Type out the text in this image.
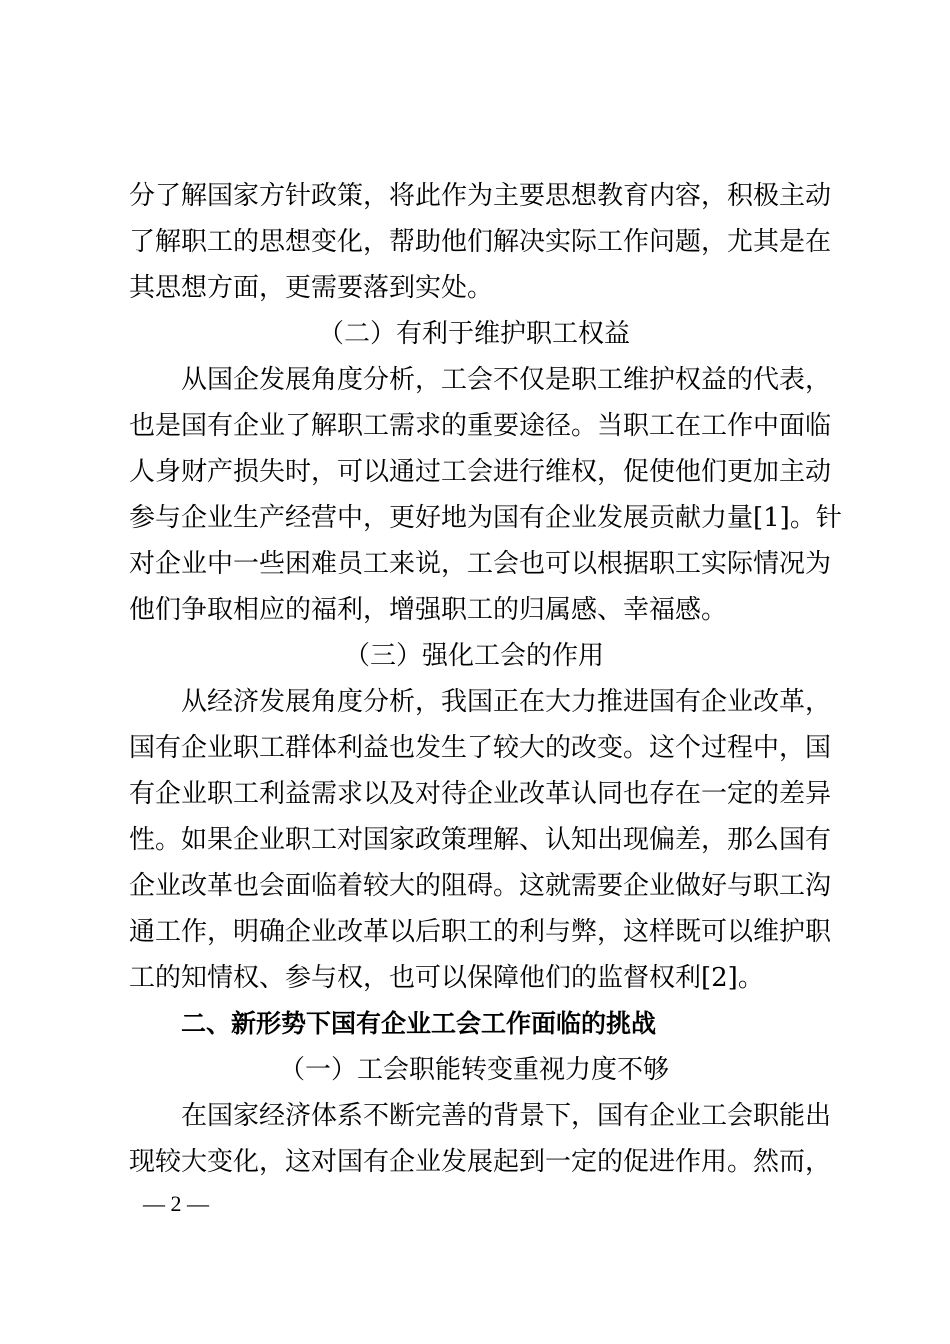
分了解国家方针政策，将此作为主要思想教育内容，积极主动
了解职工的思想变化，帮助他们解决实际工作问题，尤其是在
其思想方面，更需要落到实处。
（二）有利于维护职工权益
从国企发展角度分析，工会不仅是职工维护权益的代表，
也是国有企业了解职工需求的重要途径。当职工在工作中面临
人身财产损失时，可以通过工会进行维权，促使他们更加主动
参与企业生产经营中，更好地为国有企业发展贡献力量[1]。针
对企业中一些困难员工来说，工会也可以根据职工实际情况为
他们争取相应的福利，增强职工的归属感、幸福感。
（三）强化工会的作用
从经济发展角度分析，我国正在大力推进国有企业改革，
国有企业职工群体利益也发生了较大的改变。这个过程中，国
有企业职工利益需求以及对待企业改革认同也存在一定的差异
性。如果企业职工对国家政策理解、认知出现偏差，那么国有
企业改革也会面临着较大的阻碍。这就需要企业做好与职工沟
通工作，明确企业改革以后职工的利与弊，这样既可以维护职
工的知情权、参与权，也可以保障他们的监督权利[2]。
二、新形势下国有企业工会工作面临的挑战
（一）工会职能转变重视力度不够
在国家经济体系不断完善的背景下，国有企业工会职能出
现较大变化，这对国有企业发展起到一定的促进作用。然而，
— 2 —
